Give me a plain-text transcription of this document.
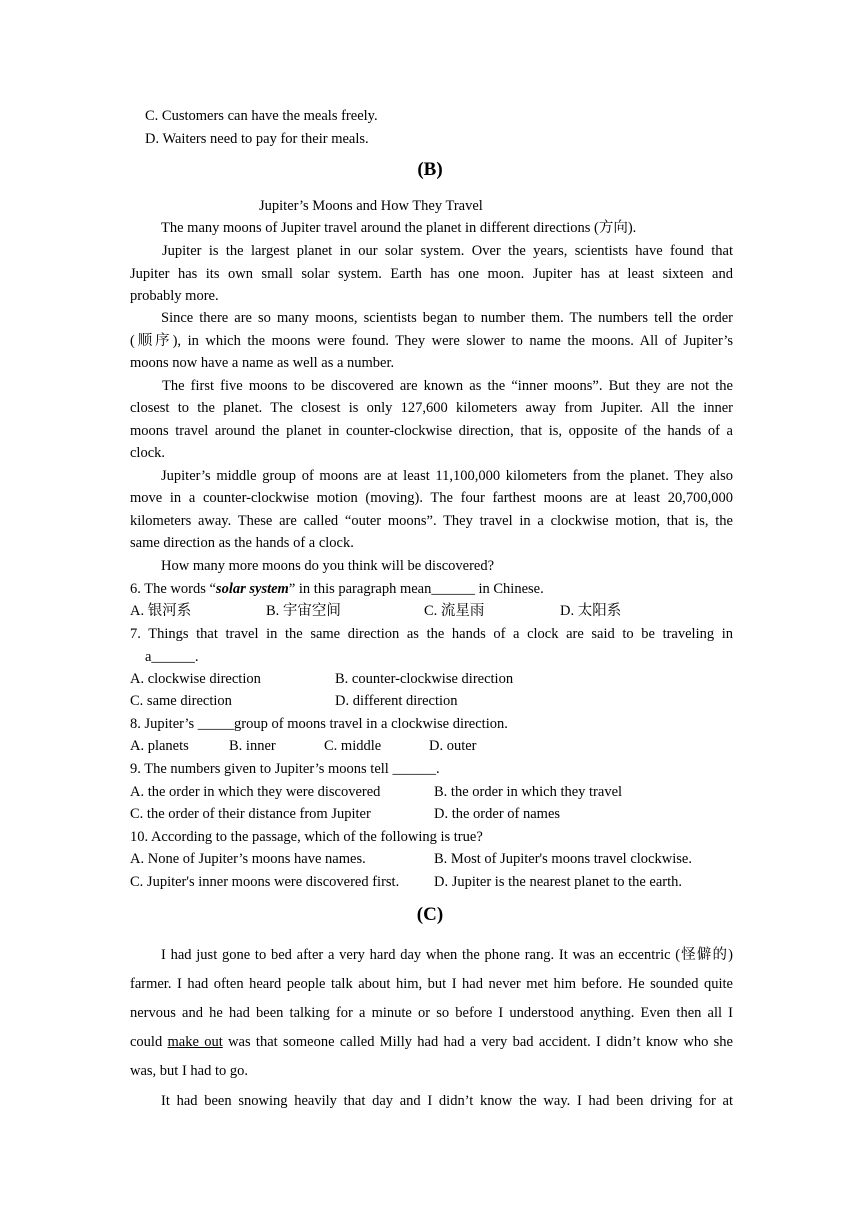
C. Customers can have the meals freely.
D. Waiters need to pay for their meals.
(B)
Jupiter’s Moons and How They Travel
The many moons of Jupiter travel around the planet in different directions (方向).
Jupiter is the largest planet in our solar system. Over the years, scientists have found that
Jupiter has its own small solar system. Earth has one moon. Jupiter has at least sixteen and
probably more.
Since there are so many moons, scientists began to number them. The numbers tell the order
(顺序), in which the moons were found. They were slower to name the moons. All of Jupiter’s
moons now have a name as well as a number.
The first five moons to be discovered are known as the “inner moons”. But they are not the
closest to the planet. The closest is only 127,600 kilometers away from Jupiter. All the inner
moons travel around the planet in counter-clockwise direction, that is, opposite of the hands of a
clock.
Jupiter’s middle group of moons are at least 11,100,000 kilometers from the planet. They also
move in a counter-clockwise motion (moving). The four farthest moons are at least 20,700,000
kilometers away. These are called “outer moons”. They travel in a clockwise motion, that is, the
same direction as the hands of a clock.
How many more moons do you think will be discovered?
6. The words “solar system” in this paragraph mean______ in Chinese.
A. 银河系	B. 宇宙空间	C. 流星雨	D. 太阳系
7. Things that travel in the same direction as the hands of a clock are said to be traveling in
a______.
A. clockwise direction	B. counter-clockwise direction
C. same direction	D. different direction
8. Jupiter’s _____group of moons travel in a clockwise direction.
A. planets	B. inner	C. middle	D. outer
9. The numbers given to Jupiter’s moons tell ______.
A. the order in which they were discovered	B. the order in which they travel
C. the order of their distance from Jupiter	D. the order of names
10. According to the passage, which of the following is true?
A. None of Jupiter’s moons have names.	B. Most of Jupiter's moons travel clockwise.
C. Jupiter's inner moons were discovered first. D. Jupiter is the nearest planet to the earth.
(C)
I had just gone to bed after a very hard day when the phone rang. It was an eccentric (怪僻的)
farmer. I had often heard people talk about him, but I had never met him before. He sounded quite
nervous and he had been talking for a minute or so before I understood anything. Even then all I
could make out was that someone called Milly had had a very bad accident. I didn’t know who she
was, but I had to go.
It had been snowing heavily that day and I didn’t know the way. I had been driving for at
